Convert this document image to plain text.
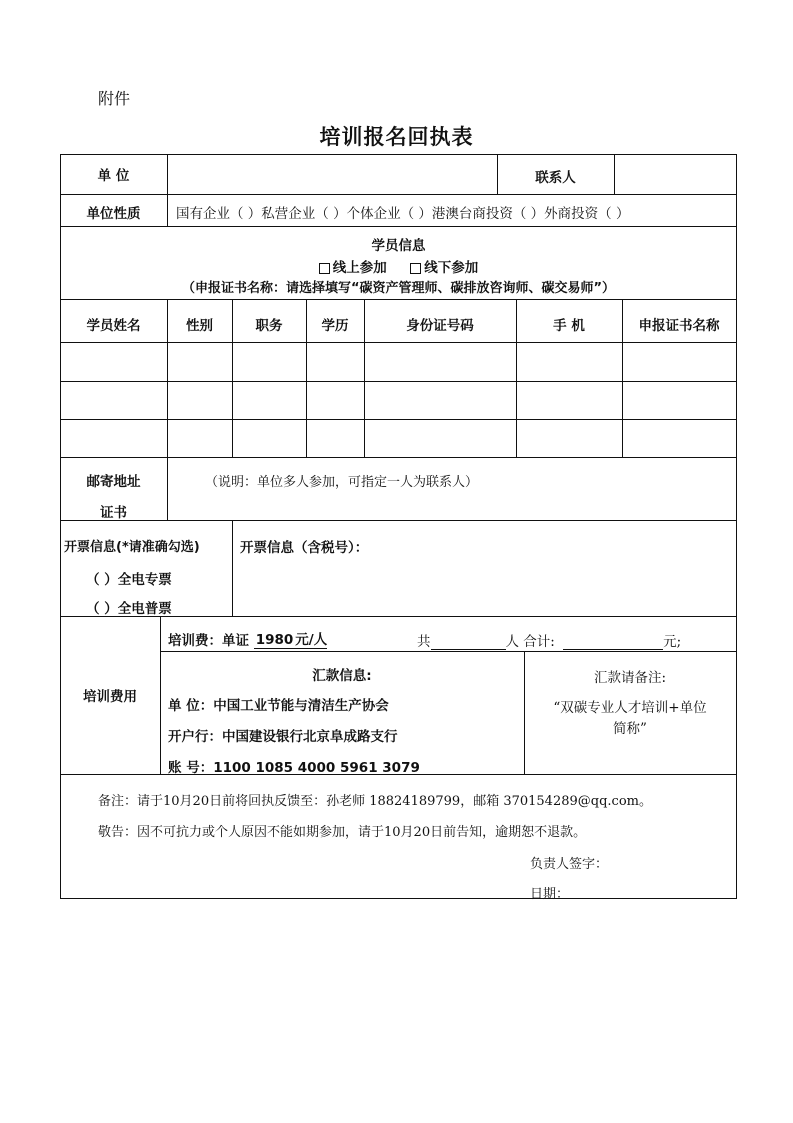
附件
培训报名回执表
单 位	联系人
单位性质	国有企业（ ）私营企业（ ）个体企业（ ）港澳台商投资（ ）外商投资（ ）
学员信息
线上参加	线下参加
（申报证书名称：请选择填写“碳资产管理师、碳排放咨询师、碳交易师”）
学员姓名	性别	职务	学历	身份证号码	手 机	申报证书名称
邮寄地址
证书
（说明：单位多人参加，可指定一人为联系人）
开票信息(*请准确勾选)
（ ）全电专票
（ ）全电普票
开票信息（含税号）：
培训费用
培训费：单证 1980 元/人	共	人 合计:	元;
汇款信息:
单 位：中国工业节能与清洁生产协会
开户行：中国建设银行北京阜成路支行
账 号：1100 1085 4000 5961 3079
汇款请备注:
“双碳专业人才培训+单位
简称”
备注：请于10月20日前将回执反馈至：孙老师 18824189799，邮箱 370154289@qq.com。
敬告：因不可抗力或个人原因不能如期参加，请于10月20日前告知，逾期恕不退款。
负责人签字：
日期：
